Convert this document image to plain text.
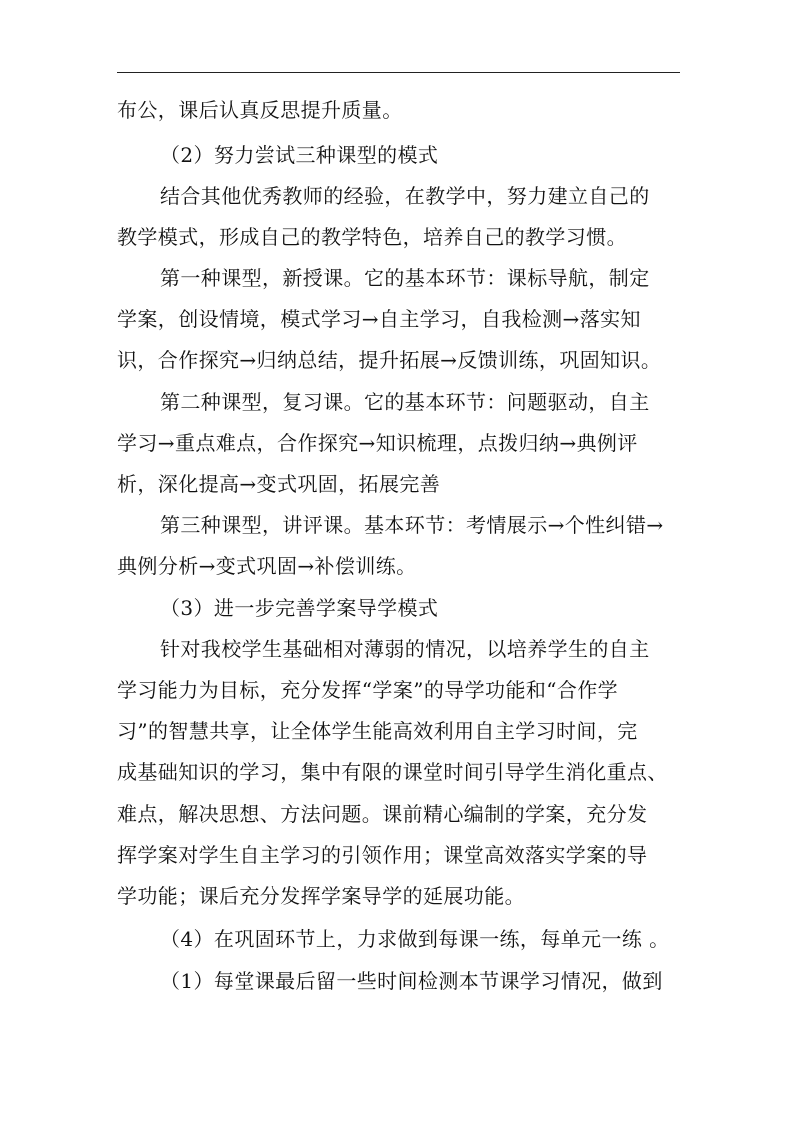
布公，课后认真反思提升质量。
（2）努力尝试三种课型的模式
结合其他优秀教师的经验，在教学中，努力建立自己的
教学模式，形成自己的教学特色，培养自己的教学习惯。
第一种课型，新授课。它的基本环节：课标导航，制定
学案，创设情境，模式学习→自主学习，自我检测→落实知
识，合作探究→归纳总结，提升拓展→反馈训练，巩固知识。
第二种课型，复习课。它的基本环节：问题驱动，自主
学习→重点难点，合作探究→知识梳理，点拨归纳→典例评
析，深化提高→变式巩固，拓展完善
第三种课型，讲评课。基本环节：考情展示→个性纠错→
典例分析→变式巩固→补偿训练。
（3）进一步完善学案导学模式
针对我校学生基础相对薄弱的情况，以培养学生的自主
学习能力为目标，充分发挥“学案”的导学功能和“合作学
习”的智慧共享，让全体学生能高效利用自主学习时间，完
成基础知识的学习，集中有限的课堂时间引导学生消化重点、
难点，解决思想、方法问题。课前精心编制的学案，充分发
挥学案对学生自主学习的引领作用；课堂高效落实学案的导
学功能；课后充分发挥学案导学的延展功能。
（4）在巩固环节上，力求做到每课一练，每单元一练 。
（1）每堂课最后留一些时间检测本节课学习情况，做到
